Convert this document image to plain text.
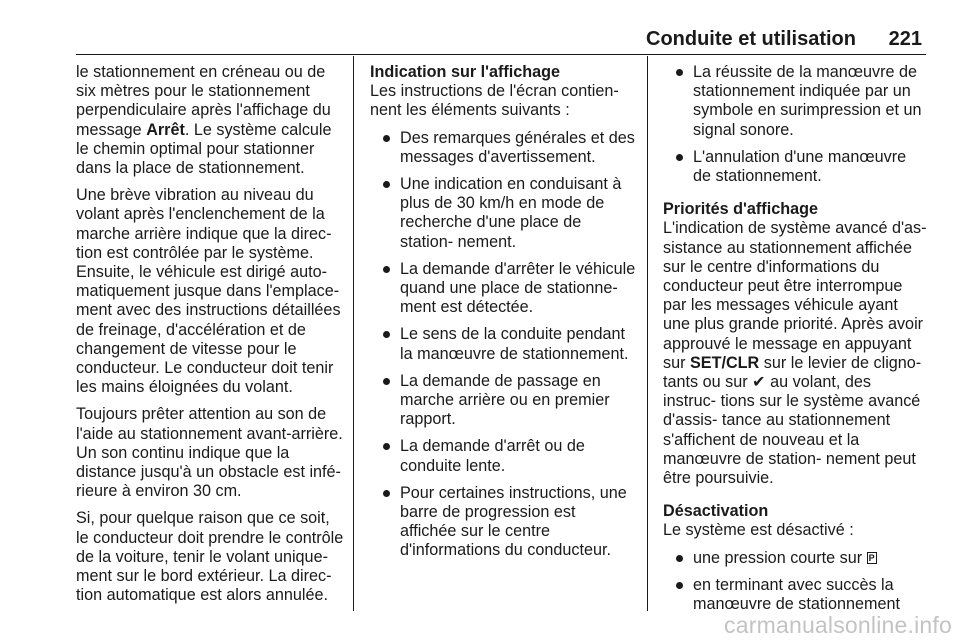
Conduite et utilisation 221

le stationnement en créneau ou de six mètres pour le stationnement perpendiculaire après l'affichage du message Arrêt. Le système calcule le chemin optimal pour stationner dans la place de stationnement.

Une brève vibration au niveau du volant après l'enclenchement de la marche arrière indique que la direc- tion est contrôlée par le système. Ensuite, le véhicule est dirigé auto- matiquement jusque dans l'emplace- ment avec des instructions détaillées de freinage, d'accélération et de changement de vitesse pour le conducteur. Le conducteur doit tenir les mains éloignées du volant.

Toujours prêter attention au son de l'aide au stationnement avant-arrière. Un son continu indique que la distance jusqu'à un obstacle est infé- rieure à environ 30 cm.

Si, pour quelque raison que ce soit, le conducteur doit prendre le contrôle de la voiture, tenir le volant unique- ment sur le bord extérieur. La direc- tion automatique est alors annulée.

Indication sur l'affichage

Les instructions de l'écran contien- nent les éléments suivants :

Des remarques générales et des messages d'avertissement.
Une indication en conduisant à plus de 30 km/h en mode de recherche d'une place de station- nement.
La demande d'arrêter le véhicule quand une place de stationne- ment est détectée.
Le sens de la conduite pendant la manœuvre de stationnement.
La demande de passage en marche arrière ou en premier rapport.
La demande d'arrêt ou de conduite lente.
Pour certaines instructions, une barre de progression est affichée sur le centre d'informations du conducteur.
La réussite de la manœuvre de stationnement indiquée par un symbole en surimpression et un signal sonore.
L'annulation d'une manœuvre de stationnement.
Priorités d'affichage

L'indication de système avancé d'as- sistance au stationnement affichée sur le centre d'informations du conducteur peut être interrompue par les messages véhicule ayant une plus grande priorité. Après avoir approuvé le message en appuyant sur SET/CLR sur le levier de cligno- tants ou sur ✔ au volant, des instruc- tions sur le système avancé d'assis- tance au stationnement s'affichent de nouveau et la manœuvre de station- nement peut être poursuivie.

Désactivation

Le système est désactivé :

une pression courte sur P
en terminant avec succès la manœuvre de stationnement
carmanualsonline.info
